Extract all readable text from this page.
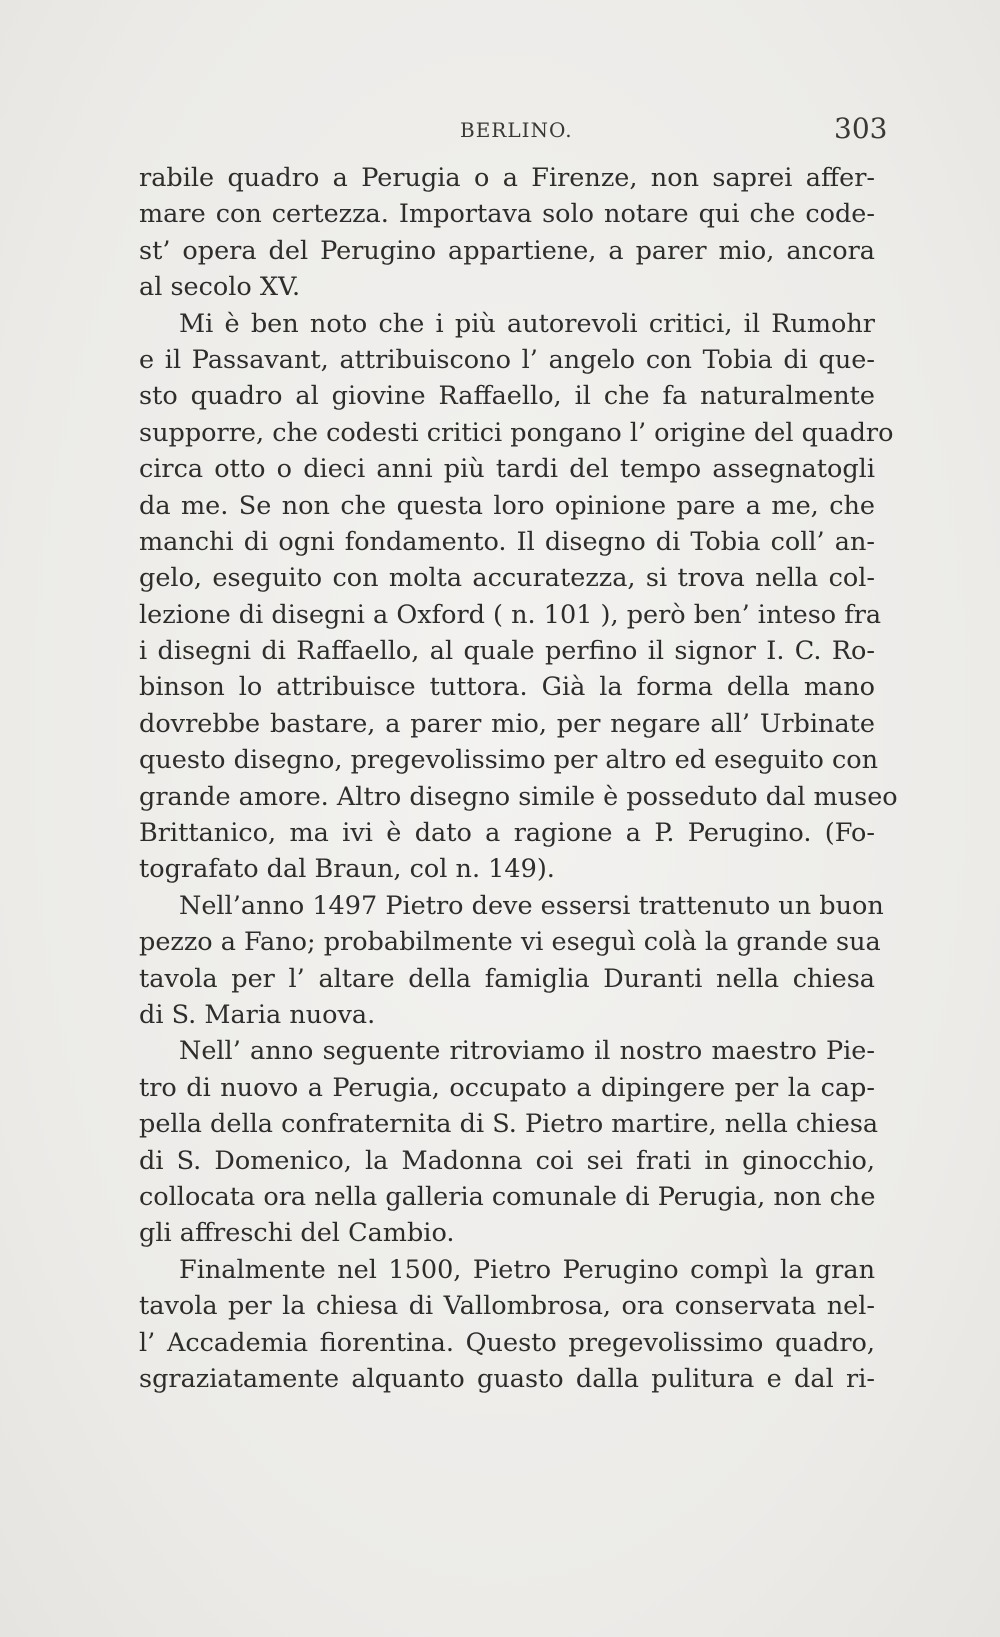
BERLINO.	303
rabile quadro a Perugia o a Firenze, non saprei affer-
mare con certezza. Importava solo notare qui che code-
st’ opera del Perugino appartiene, a parer mio, ancora
al secolo XV.
Mi è ben noto che i più autorevoli critici, il Rumohr
e il Passavant, attribuiscono l’ angelo con Tobia di que-
sto quadro al giovine Raffaello, il che fa naturalmente
supporre, che codesti critici pongano l’ origine del quadro
circa otto o dieci anni più tardi del tempo assegnatogli
da me. Se non che questa loro opinione pare a me, che
manchi di ogni fondamento. Il disegno di Tobia coll’ an-
gelo, eseguito con molta accuratezza, si trova nella col-
lezione di disegni a Oxford ( n. 101 ), però ben’ inteso fra
i disegni di Raffaello, al quale perfino il signor I. C. Ro-
binson lo attribuisce tuttora. Già la forma della mano
dovrebbe bastare, a parer mio, per negare all’ Urbinate
questo disegno, pregevolissimo per altro ed eseguito con
grande amore. Altro disegno simile è posseduto dal museo
Brittanico, ma ivi è dato a ragione a P. Perugino. (Fo-
tografato dal Braun, col n. 149).
Nell’anno 1497 Pietro deve essersi trattenuto un buon
pezzo a Fano; probabilmente vi eseguì colà la grande sua
tavola per l’ altare della famiglia Duranti nella chiesa
di S. Maria nuova.
Nell’ anno seguente ritroviamo il nostro maestro Pie-
tro di nuovo a Perugia, occupato a dipingere per la cap-
pella della confraternita di S. Pietro martire, nella chiesa
di S. Domenico, la Madonna coi sei frati in ginocchio,
collocata ora nella galleria comunale di Perugia, non che
gli affreschi del Cambio.
Finalmente nel 1500, Pietro Perugino compì la gran
tavola per la chiesa di Vallombrosa, ora conservata nel-
l’ Accademia fiorentina. Questo pregevolissimo quadro,
sgraziatamente alquanto guasto dalla pulitura e dal ri-
